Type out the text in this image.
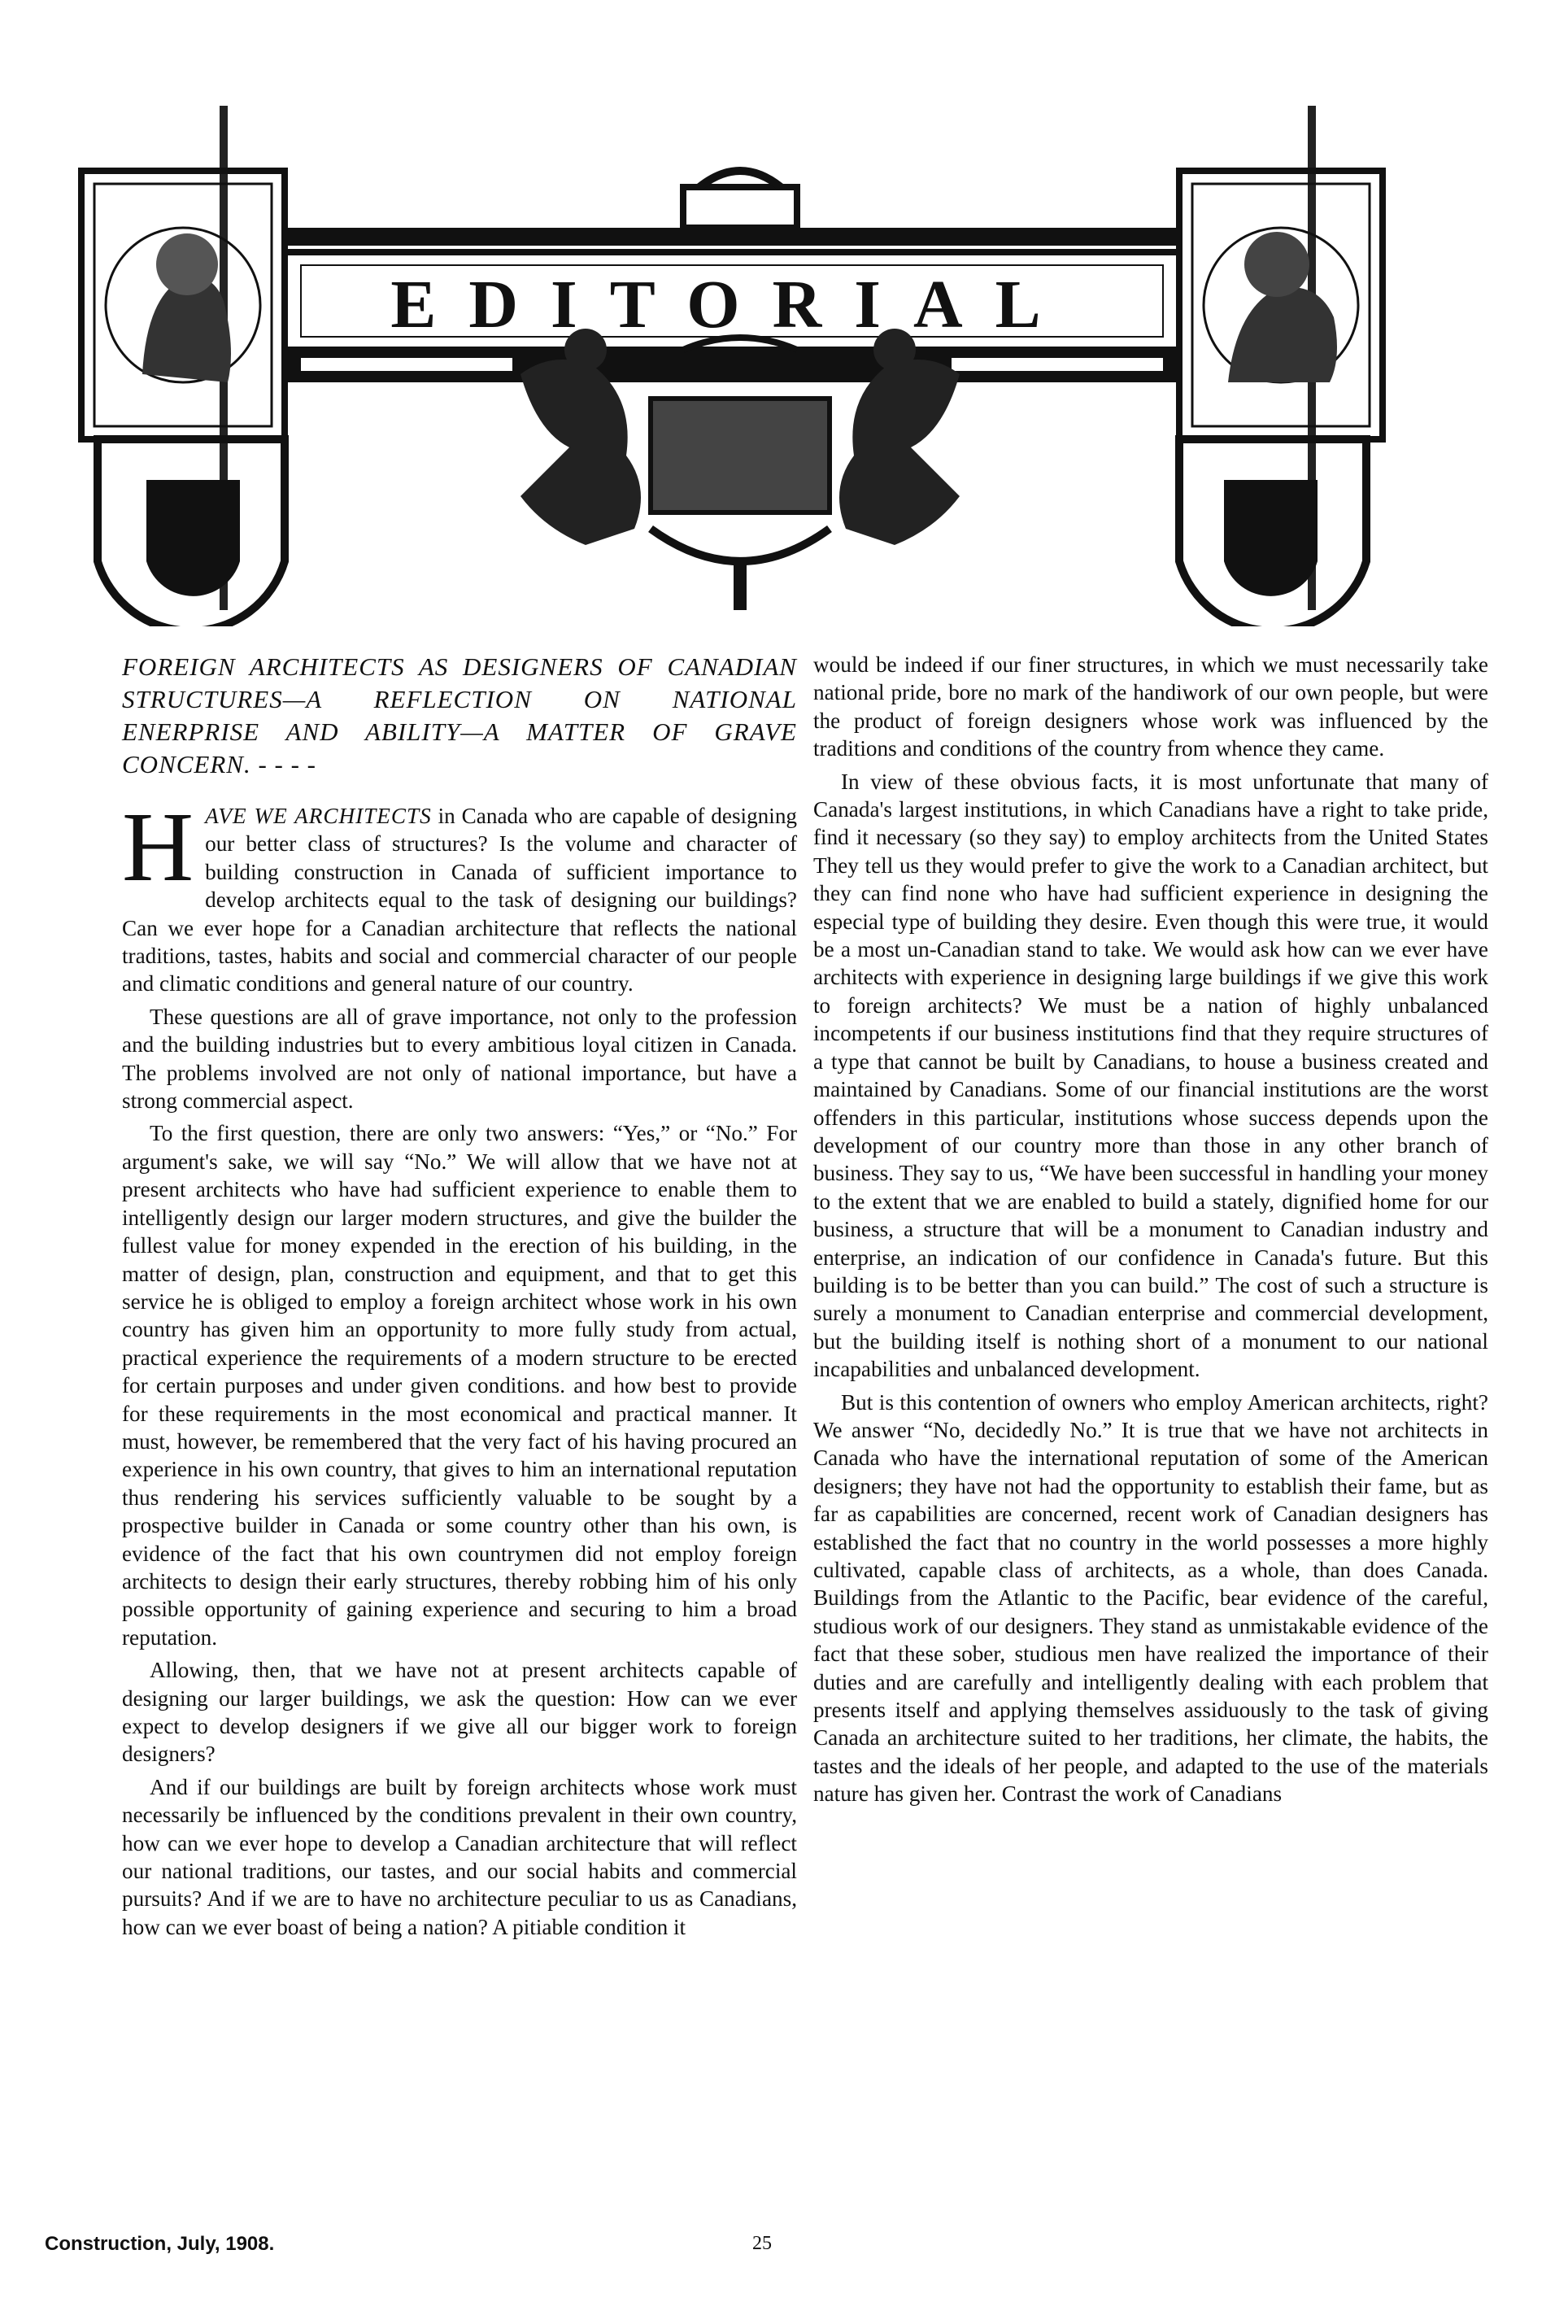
EDITORIAL
FOREIGN ARCHITECTS AS DESIGNERS OF CANADIAN STRUCTURES—A REFLECTION ON NATIONAL ENERPRISE AND ABILITY—A MATTER OF GRAVE CONCERN. - - - -

HAVE WE ARCHITECTS in Canada who are capable of designing our better class of structures? Is the volume and character of building construction in Canada of sufficient importance to develop architects equal to the task of designing our buildings? Can we ever hope for a Canadian architecture that reflects the national traditions, tastes, habits and social and commercial character of our people and climatic conditions and general nature of our country.

These questions are all of grave importance, not only to the profession and the building industries but to every ambitious loyal citizen in Canada. The problems involved are not only of national importance, but have a strong commercial aspect.

To the first question, there are only two answers: “Yes,” or “No.” For argument's sake, we will say “No.” We will allow that we have not at present architects who have had sufficient experience to enable them to intelligently design our larger modern structures, and give the builder the fullest value for money expended in the erection of his building, in the matter of design, plan, construction and equipment, and that to get this service he is obliged to employ a foreign architect whose work in his own country has given him an opportunity to more fully study from actual, practical experience the requirements of a modern structure to be erected for certain purposes and under given conditions. and how best to provide for these requirements in the most economical and practical manner. It must, however, be remembered that the very fact of his having procured an experience in his own country, that gives to him an international reputation thus rendering his services sufficiently valuable to be sought by a prospective builder in Canada or some country other than his own, is evidence of the fact that his own countrymen did not employ foreign architects to design their early structures, thereby robbing him of his only possible opportunity of gaining experience and securing to him a broad reputation.

Allowing, then, that we have not at present architects capable of designing our larger buildings, we ask the question: How can we ever expect to develop designers if we give all our bigger work to foreign designers?

And if our buildings are built by foreign architects whose work must necessarily be influenced by the conditions prevalent in their own country, how can we ever hope to develop a Canadian architecture that will reflect our national traditions, our tastes, and our social habits and commercial pursuits? And if we are to have no architecture peculiar to us as Canadians, how can we ever boast of being a nation? A pitiable condition it

would be indeed if our finer structures, in which we must necessarily take national pride, bore no mark of the handiwork of our own people, but were the product of foreign designers whose work was influenced by the traditions and conditions of the country from whence they came.

In view of these obvious facts, it is most unfortunate that many of Canada's largest institutions, in which Canadians have a right to take pride, find it necessary (so they say) to employ architects from the United States They tell us they would prefer to give the work to a Canadian architect, but they can find none who have had sufficient experience in designing the especial type of building they desire. Even though this were true, it would be a most un-Canadian stand to take. We would ask how can we ever have architects with experience in designing large buildings if we give this work to foreign architects? We must be a nation of highly unbalanced incompetents if our business institutions find that they require structures of a type that cannot be built by Canadians, to house a business created and maintained by Canadians. Some of our financial institutions are the worst offenders in this particular, institutions whose success depends upon the development of our country more than those in any other branch of business. They say to us, “We have been successful in handling your money to the extent that we are enabled to build a stately, dignified home for our business, a structure that will be a monument to Canadian industry and enterprise, an indication of our confidence in Canada's future. But this building is to be better than you can build.” The cost of such a structure is surely a monument to Canadian enterprise and commercial development, but the building itself is nothing short of a monument to our national incapabilities and unbalanced development.

But is this contention of owners who employ American architects, right? We answer “No, decidedly No.” It is true that we have not architects in Canada who have the international reputation of some of the American designers; they have not had the opportunity to establish their fame, but as far as capabilities are concerned, recent work of Canadian designers has established the fact that no country in the world possesses a more highly cultivated, capable class of architects, as a whole, than does Canada. Buildings from the Atlantic to the Pacific, bear evidence of the careful, studious work of our designers. They stand as unmistakable evidence of the fact that these sober, studious men have realized the importance of their duties and are carefully and intelligently dealing with each problem that presents itself and applying themselves assiduously to the task of giving Canada an architecture suited to her traditions, her climate, the habits, the tastes and the ideals of her people, and adapted to the use of the materials nature has given her. Contrast the work of Canadians

Construction, July, 1908.	25
